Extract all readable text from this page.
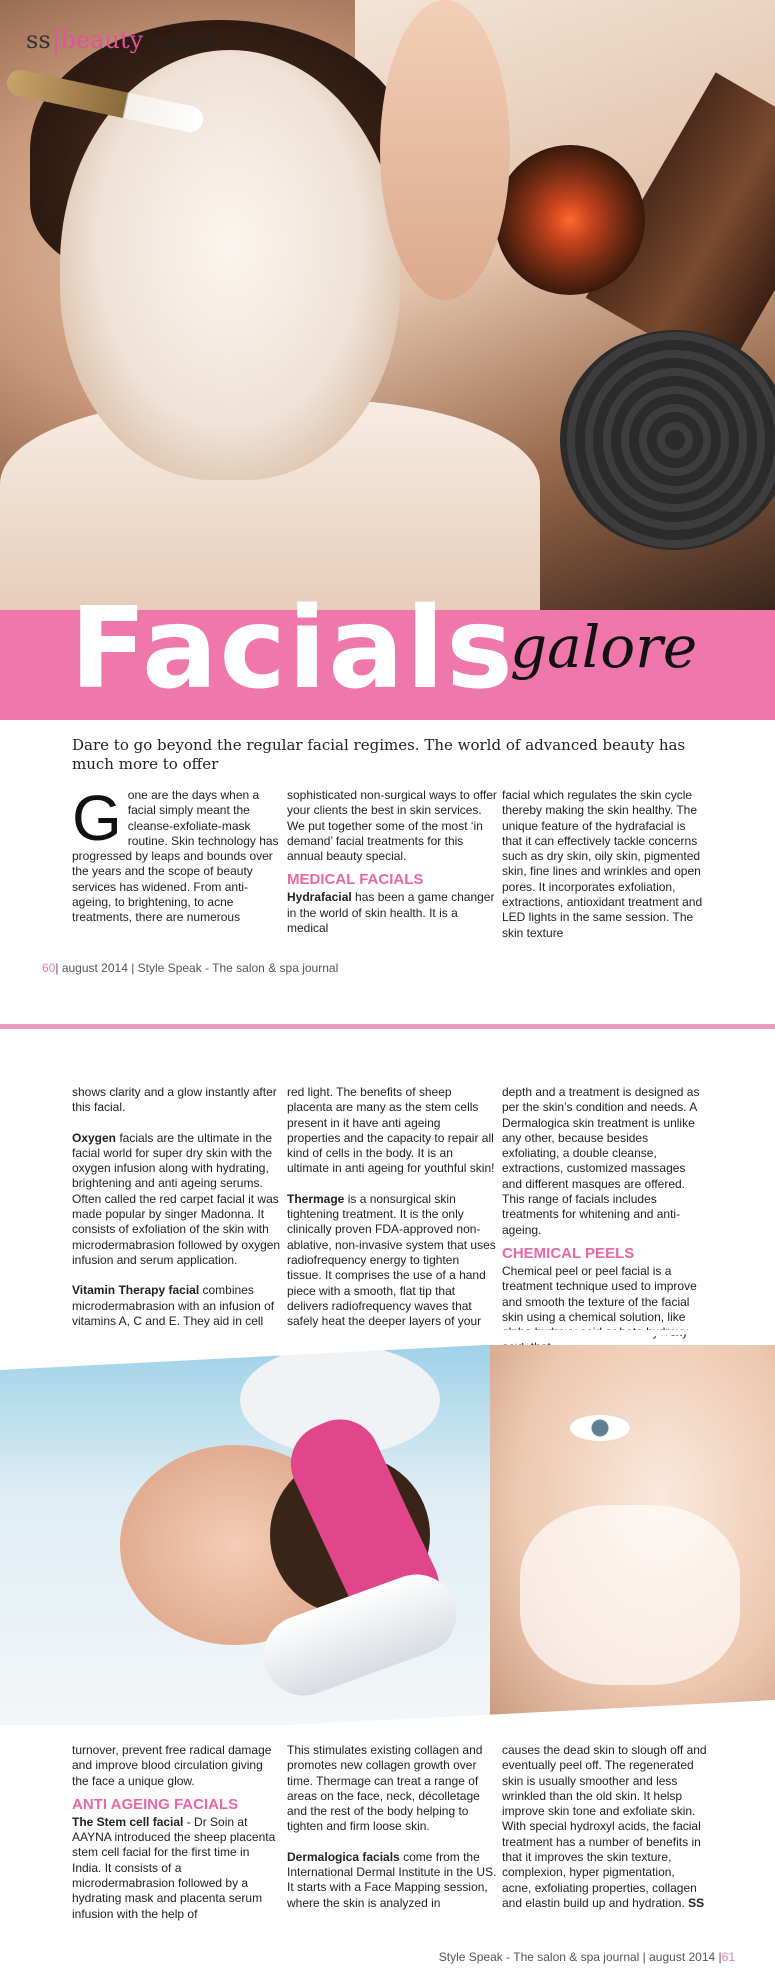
ss beauty Special
Facials
galore
Dare to go beyond the regular facial regimes. The world of advanced beauty has much more to offer
G one are the days when a facial simply meant the cleanse-exfoliate-mask routine. Skin technology has progressed by leaps and bounds over the years and the scope of beauty services has widened. From anti-ageing, to brightening, to acne treatments, there are numerous

sophisticated non-surgical ways to offer your clients the best in skin services. We put together some of the most ‘in demand’ facial treatments for this annual beauty special.

MEDICAL FACIALS

Hydrafacial has been a game changer in the world of skin health. It is a medical

facial which regulates the skin cycle thereby making the skin healthy. The unique feature of the hydrafacial is that it can effectively tackle concerns such as dry skin, oily skin, pigmented skin, fine lines and wrinkles and open pores. It incorporates exfoliation, extractions, antioxidant treatment and LED lights in the same session. The skin texture

60| august 2014 | Style Speak - The salon & spa journal

shows clarity and a glow instantly after this facial.

Oxygen facials are the ultimate in the facial world for super dry skin with the oxygen infusion along with hydrating, brightening and anti ageing serums. Often called the red carpet facial it was made popular by singer Madonna. It consists of exfoliation of the skin with microdermabrasion followed by oxygen infusion and serum application.

Vitamin Therapy facial combines microdermabrasion with an infusion of vitamins A, C and E. They aid in cell

red light. The benefits of sheep placenta are many as the stem cells present in it have anti ageing properties and the capacity to repair all kind of cells in the body. It is an ultimate in anti ageing for youthful skin!

Thermage is a nonsurgical skin tightening treatment. It is the only clinically proven FDA-approved non-ablative, non-invasive system that uses radiofrequency energy to tighten tissue. It comprises the use of a hand piece with a smooth, flat tip that delivers radiofrequency waves that safely heat the deeper layers of your

depth and a treatment is designed as per the skin’s condition and needs. A Dermalogica skin treatment is unlike any other, because besides exfoliating, a double cleanse, extractions, customized massages and different masques are offered. This range of facials includes treatments for whitening and anti-ageing.

CHEMICAL PEELS

Chemical peel or peel facial is a treatment technique used to improve and smooth the texture of the facial skin using a chemical solution, like

turnover, prevent free radical damage and improve blood circulation giving the face a unique glow.

ANTI AGEING FACIALS

The Stem cell facial - Dr Soin at AAYNA introduced the sheep placenta stem cell facial for the first time in India. It consists of a microdermabrasion followed by a hydrating mask and placenta serum infusion with the help of

This stimulates existing collagen and promotes new collagen growth over time. Thermage can treat a range of areas on the face, neck, décolletage and the rest of the body helping to tighten and firm loose skin.

Dermalogica facials come from the International Dermal Institute in the US. It starts with a Face Mapping session, where the skin is analyzed in

causes the dead skin to slough off and eventually peel off. The regenerated skin is usually smoother and less wrinkled than the old skin. It helsp improve skin tone and exfoliate skin. With special hydroxyl acids, the facial treatment has a number of benefits in that it improves the skin texture, complexion, hyper pigmentation, acne, exfoliating properties, collagen and elastin build up and hydration. SS

Style Speak - The salon & spa journal | august 2014 |61
